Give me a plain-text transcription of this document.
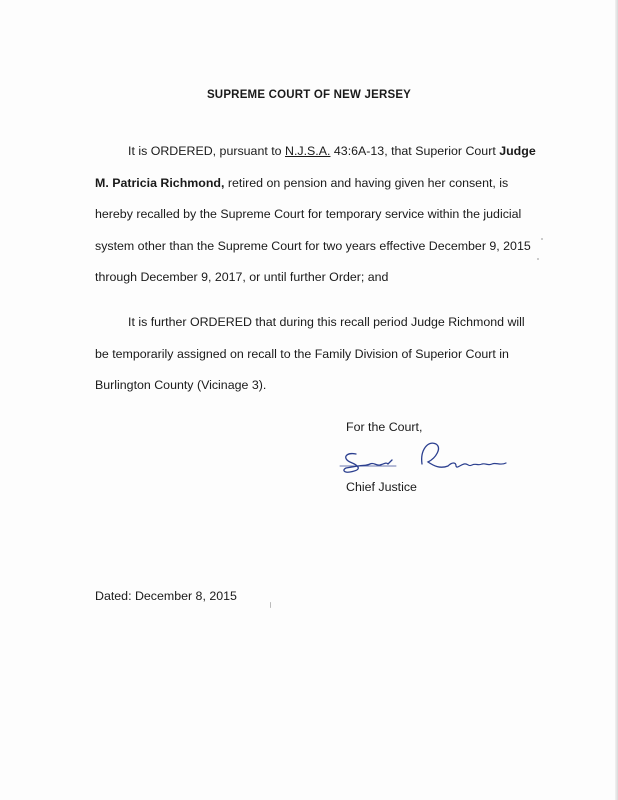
SUPREME COURT OF NEW JERSEY

It is ORDERED, pursuant to N.J.S.A. 43:6A-13, that Superior Court Judge
M. Patricia Richmond, retired on pension and having given her consent, is
hereby recalled by the Supreme Court for temporary service within the judicial
system other than the Supreme Court for two years effective December 9, 2015
through December 9, 2017, or until further Order; and

It is further ORDERED that during this recall period Judge Richmond will
be temporarily assigned on recall to the Family Division of Superior Court in
Burlington County (Vicinage 3).

For the Court,
Chief Justice
Dated: December 8, 2015
